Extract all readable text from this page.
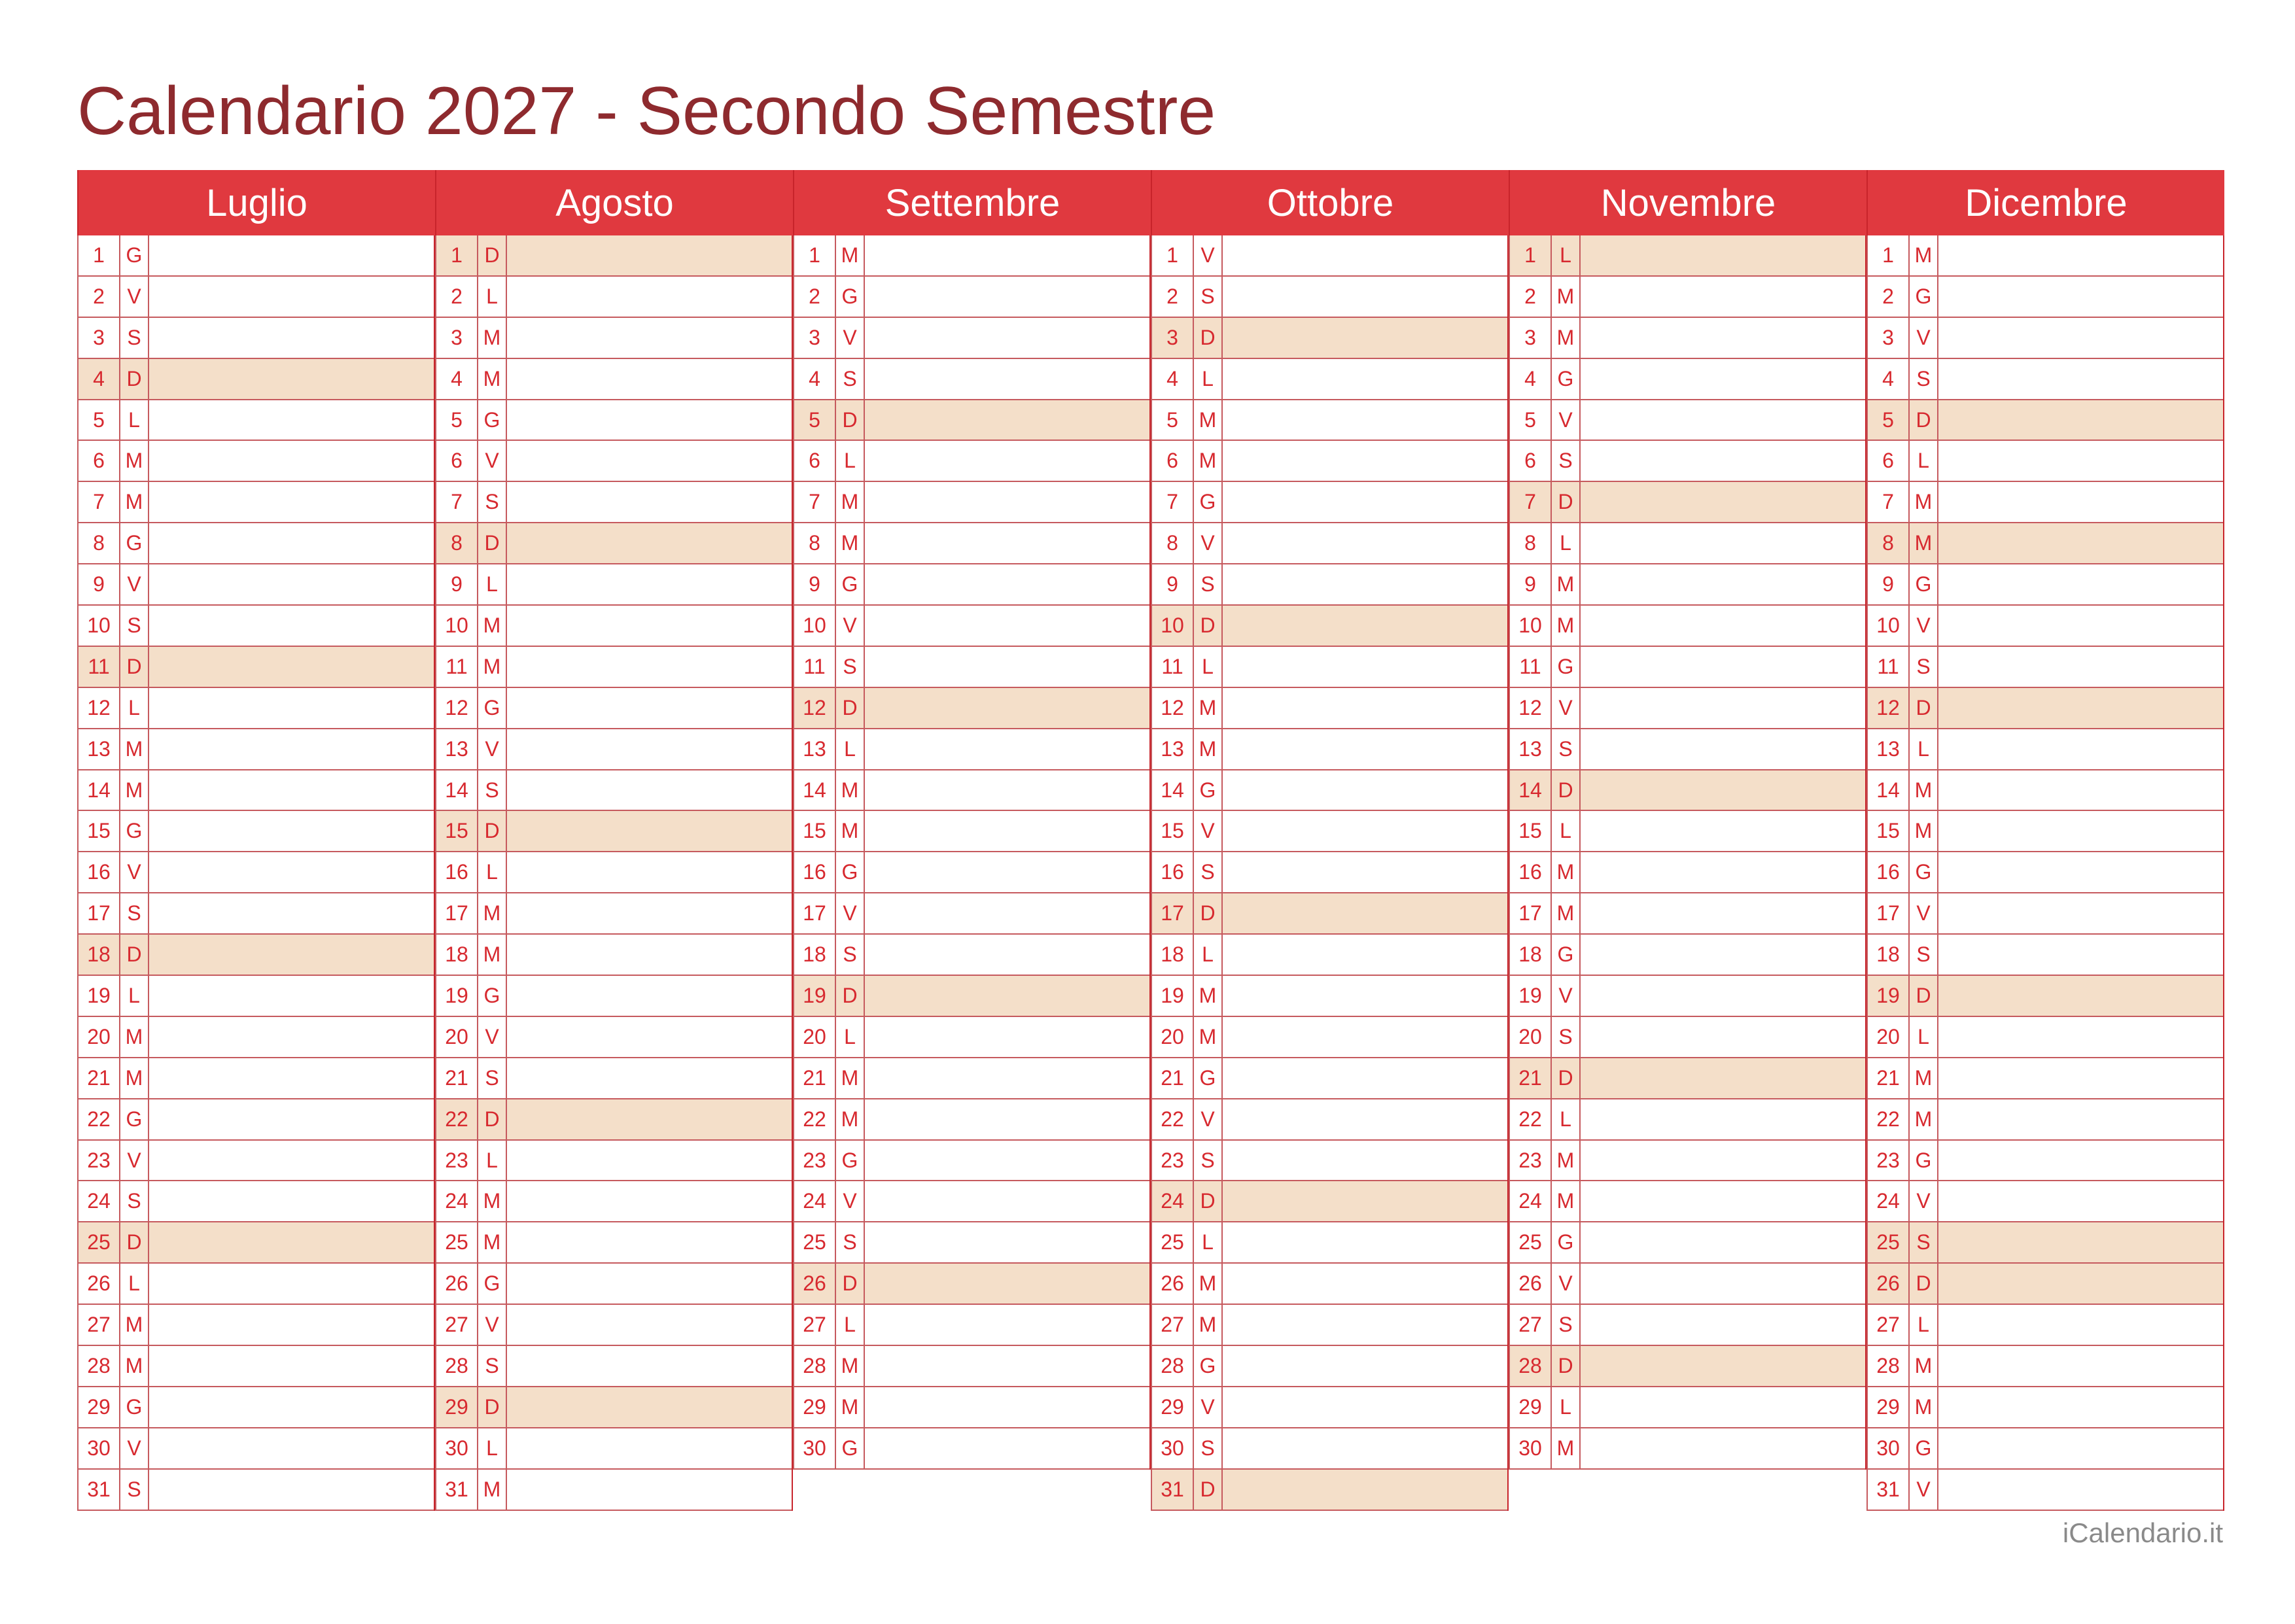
Calendario 2027 - Secondo Semestre
Luglio
1	G
2	V
3	S
4	D
5	L
6 M
7 M
8	G
9	V
10 S
11 D
12 L
13 M
14 M
15 G
16 V
17 S
18 D
19 L
20 M
21 M
22 G
23 V
24 S
25 D
26 L
27 M
28 M
29 G
30 V
31 S
Agosto
1	D
2	L
3 M
4 M
5	G
6	V
7	S
8	D
9	L
10 M
11 M
12 G
13 V
14 S
15 D
16 L
17 M
18 M
19 G
20 V
21 S
22 D
23 L
24 M
25 M
26 G
27 V
28 S
29 D
30 L
31 M
Settembre
1 M
2	G
3	V
4	S
5	D
6	L
7 M
8 M
9	G
10 V
11 S
12 D
13 L
14 M
15 M
16 G
17 V
18 S
19 D
20 L
21 M
22 M
23 G
24 V
25 S
26 D
27 L
28 M
29 M
30 G
Ottobre
1	V
2	S
3	D
4	L
5 M
6 M
7	G
8	V
9	S
10 D
11 L
12 M
13 M
14 G
15 V
16 S
17 D
18 L
19 M
20 M
21 G
22 V
23 S
24 D
25 L
26 M
27 M
28 G
29 V
30 S
31 D
Novembre
1	L
2 M
3 M
4	G
5	V
6	S
7	D
8	L
9 M
10 M
11 G
12 V
13 S
14 D
15 L
16 M
17 M
18 G
19 V
20 S
21 D
22 L
23 M
24 M
25 G
26 V
27 S
28 D
29 L
30 M
Dicembre
1 M
2	G
3	V
4	S
5	D
6	L
7 M
8 M
9	G
10 V
11 S
12 D
13 L
14 M
15 M
16 G
17 V
18 S
19 D
20 L
21 M
22 M
23 G
24 V
25 S
26 D
27 L
28 M
29 M
30 G
31 V
iCalendario.it
